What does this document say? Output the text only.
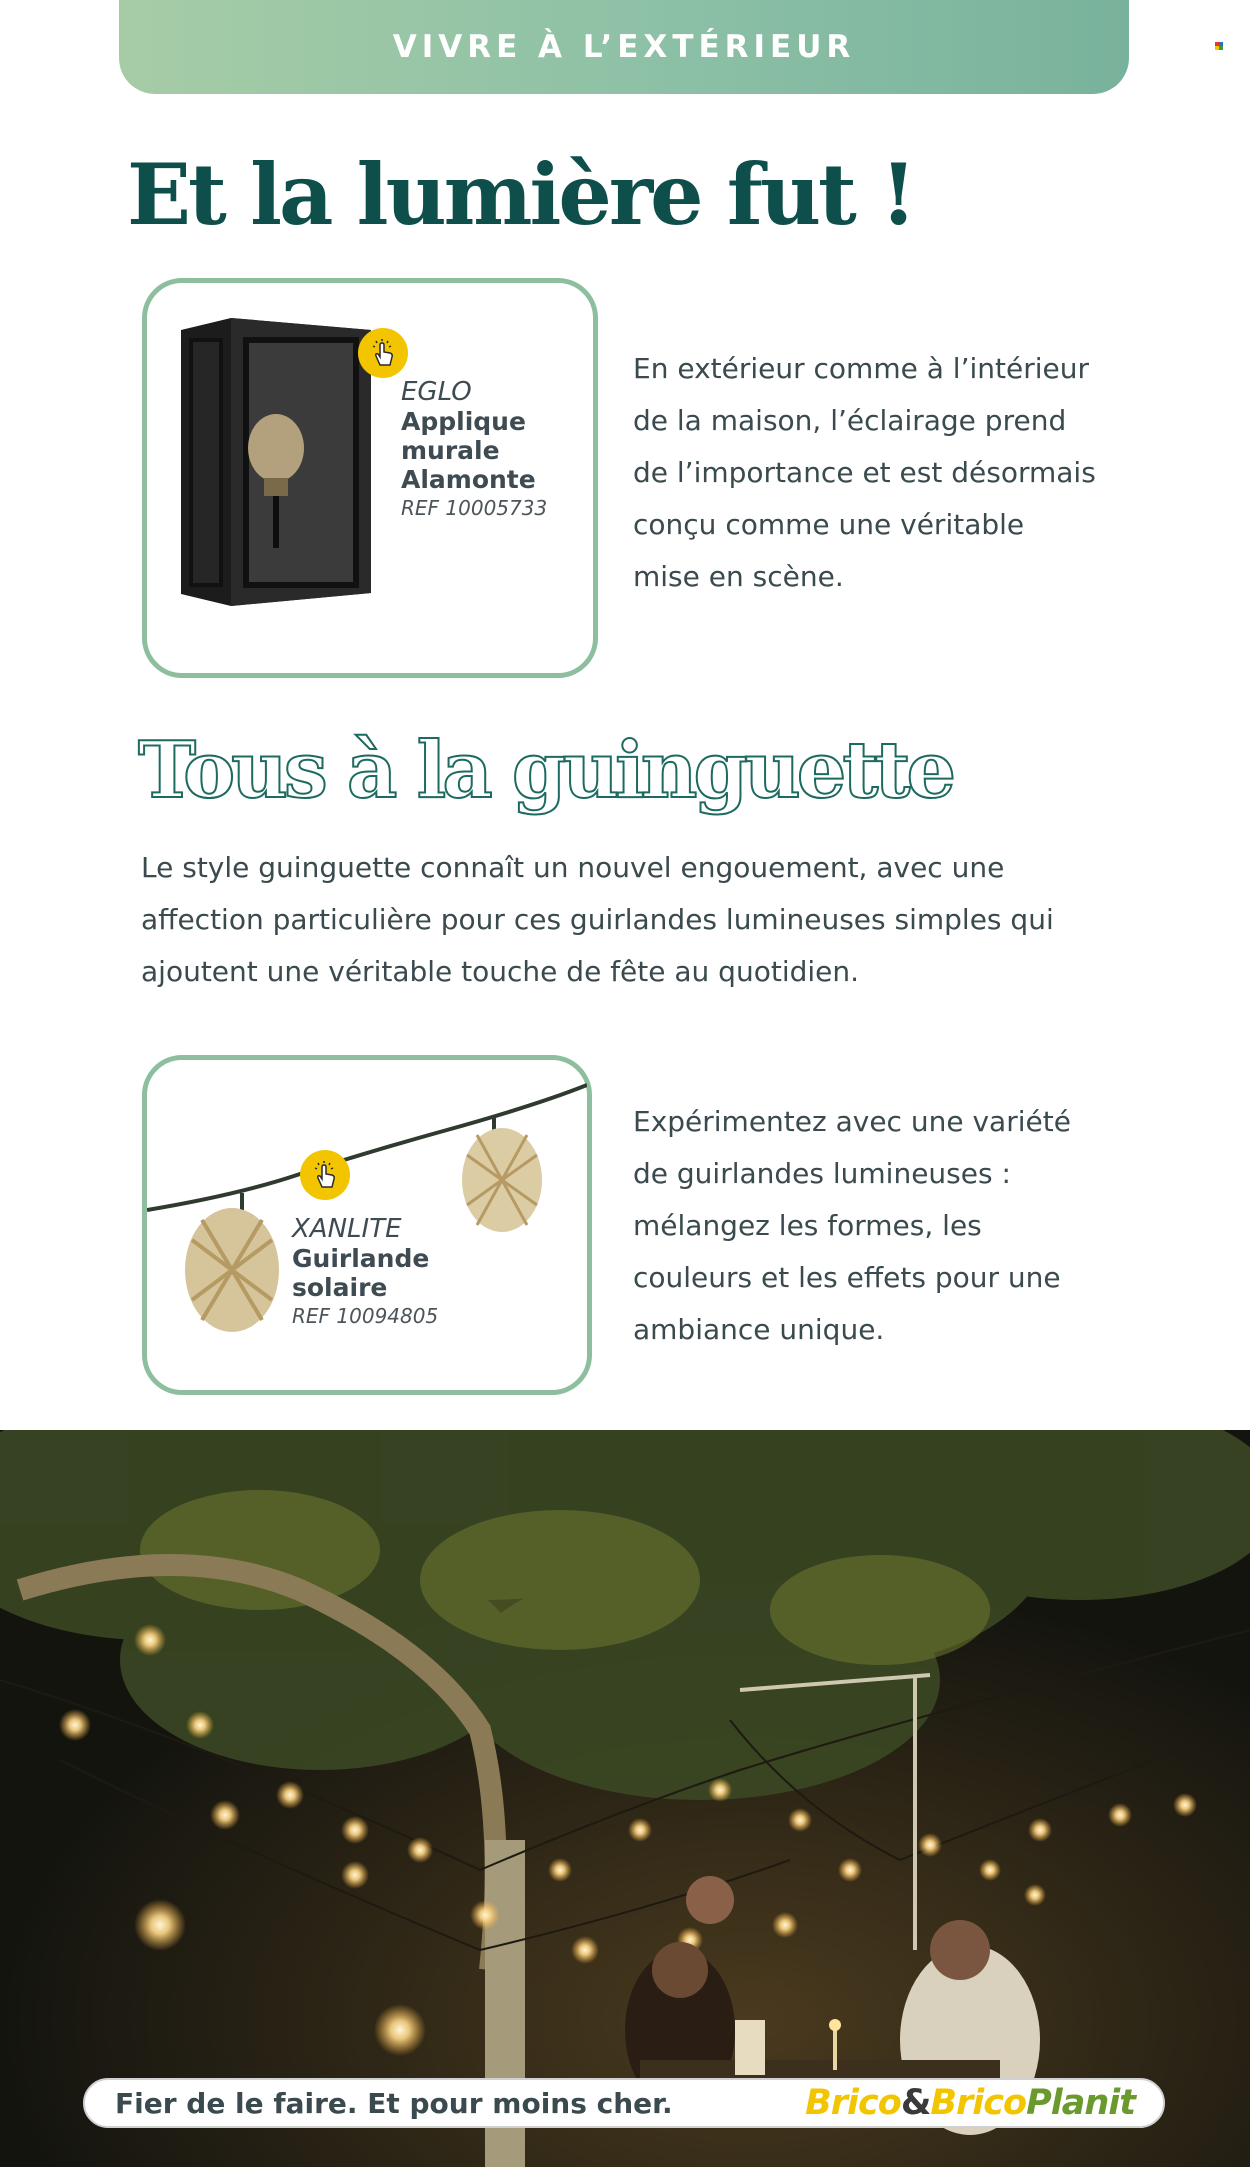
VIVRE À L’EXTÉRIEUR
Et la lumière fut !
EGLO
Applique
murale
Alamonte
REF 10005733

En extérieur comme à l’intérieur

de la maison, l’éclairage prend

de l’importance et est désormais

conçu comme une véritable

mise en scène.

Tous à la guinguette

Le style guinguette connaît un nouvel engouement, avec une

affection particulière pour ces guirlandes lumineuses simples qui

ajoutent une véritable touche de fête au quotidien.

XANLITE
Guirlande
solaire
REF 10094805

Expérimentez avec une variété

de guirlandes lumineuses :

mélangez les formes, les

couleurs et les effets pour une

ambiance unique.

Fier de le faire. Et pour moins cher.	Brico&BricoPlanit
